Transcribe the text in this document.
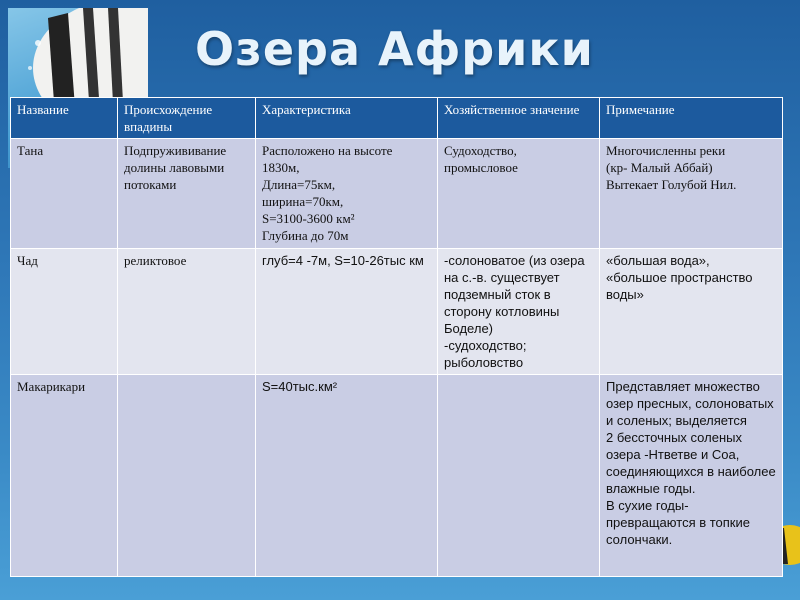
Озера Африки
Название	Происхождение впадины	Характеристика	Хозяйственное значение	Примечание
Тана	Подпружививание долины лавовыми потоками	Расположено на высоте 1830м,
Длина=75км,
ширина=70км,
S=3100-3600 км²
Глубина до 70м	Судоходство, промысловое	Многочисленны реки
(кр- Малый Аббай)
Вытекает Голубой Нил.
Чад	реликтовое	глуб=4 -7м, S=10-26тыс км	-солоноватое (из озера на с.-в. существует подземный сток в сторону котловины Боделе)
-судоходство;
рыболовство	«большая вода»,
«большое пространство воды»
Макарикари		S=40тыс.км²		Представляет множество озер пресных, солоноватых и соленых; выделяется
2 бессточных соленых озера -Нтветве и Соа, соединяющихся в наиболее влажные годы.
В сухие годы- превращаются в топкие солончаки.
